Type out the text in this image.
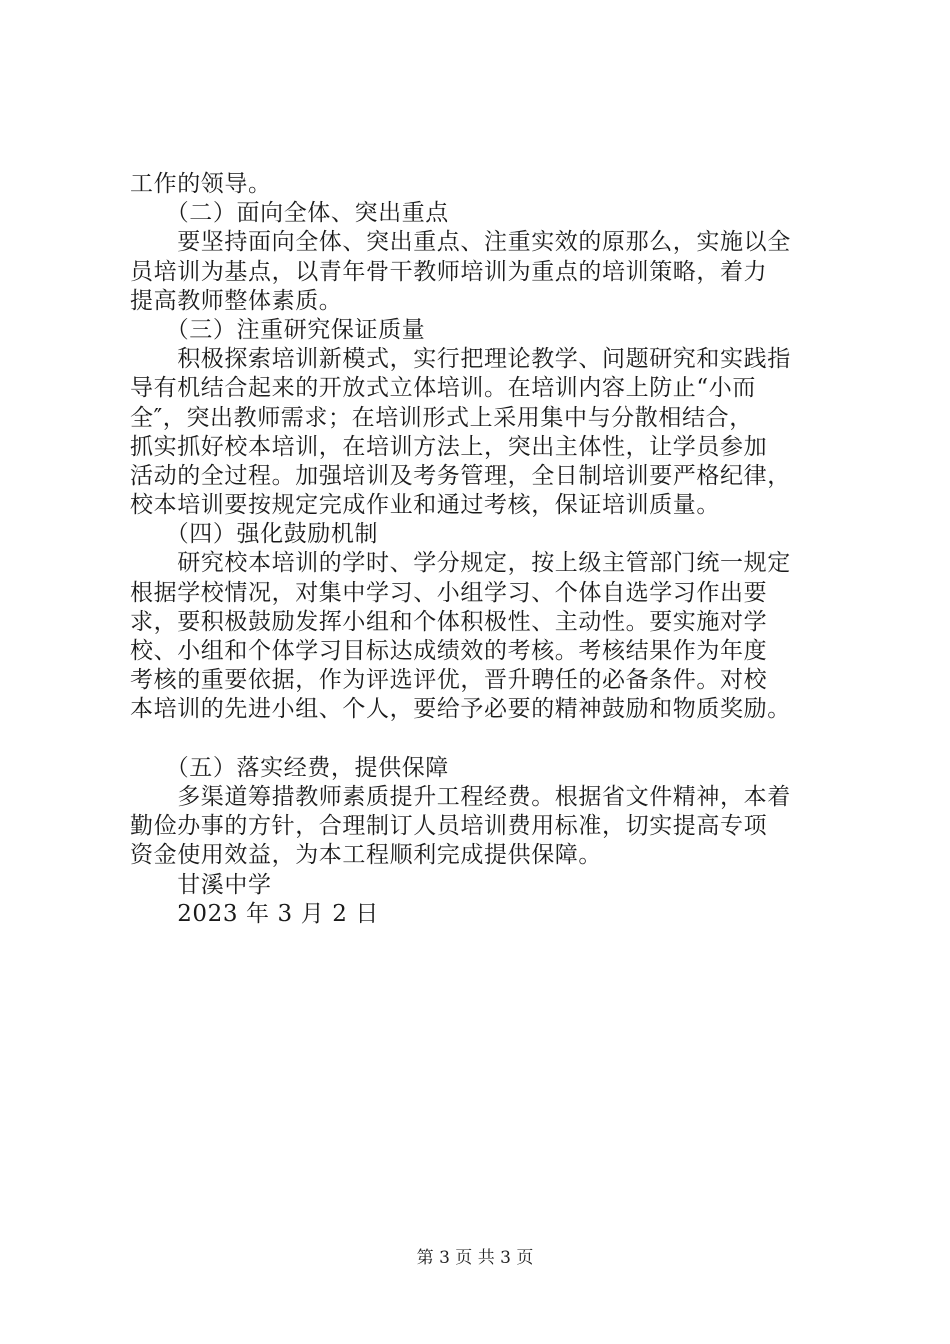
工作的领导。
　　（二）面向全体、突出重点
　　要坚持面向全体、突出重点、注重实效的原那么，实施以全
员培训为基点，以青年骨干教师培训为重点的培训策略，着力
提高教师整体素质。
　　（三）注重研究保证质量
　　积极探索培训新模式，实行把理论教学、问题研究和实践指
导有机结合起来的开放式立体培训。在培训内容上防止“小而
全″，突出教师需求；在培训形式上采用集中与分散相结合，
抓实抓好校本培训，在培训方法上，突出主体性，让学员参加
活动的全过程。加强培训及考务管理，全日制培训要严格纪律，
校本培训要按规定完成作业和通过考核，保证培训质量。
　　（四）强化鼓励机制
　　研究校本培训的学时、学分规定，按上级主管部门统一规定
根据学校情况，对集中学习、小组学习、个体自选学习作出要
求，要积极鼓励发挥小组和个体积极性、主动性。要实施对学
校、小组和个体学习目标达成绩效的考核。考核结果作为年度
考核的重要依据，作为评选评优，晋升聘任的必备条件。对校
本培训的先进小组、个人，要给予必要的精神鼓励和物质奖励。
　　（五）落实经费，提供保障
　　多渠道筹措教师素质提升工程经费。根据省文件精神，本着
勤俭办事的方针，合理制订人员培训费用标准，切实提高专项
资金使用效益，为本工程顺利完成提供保障。
　　甘溪中学
　　2023 年 3 月 2 日
第 3 页 共 3 页
